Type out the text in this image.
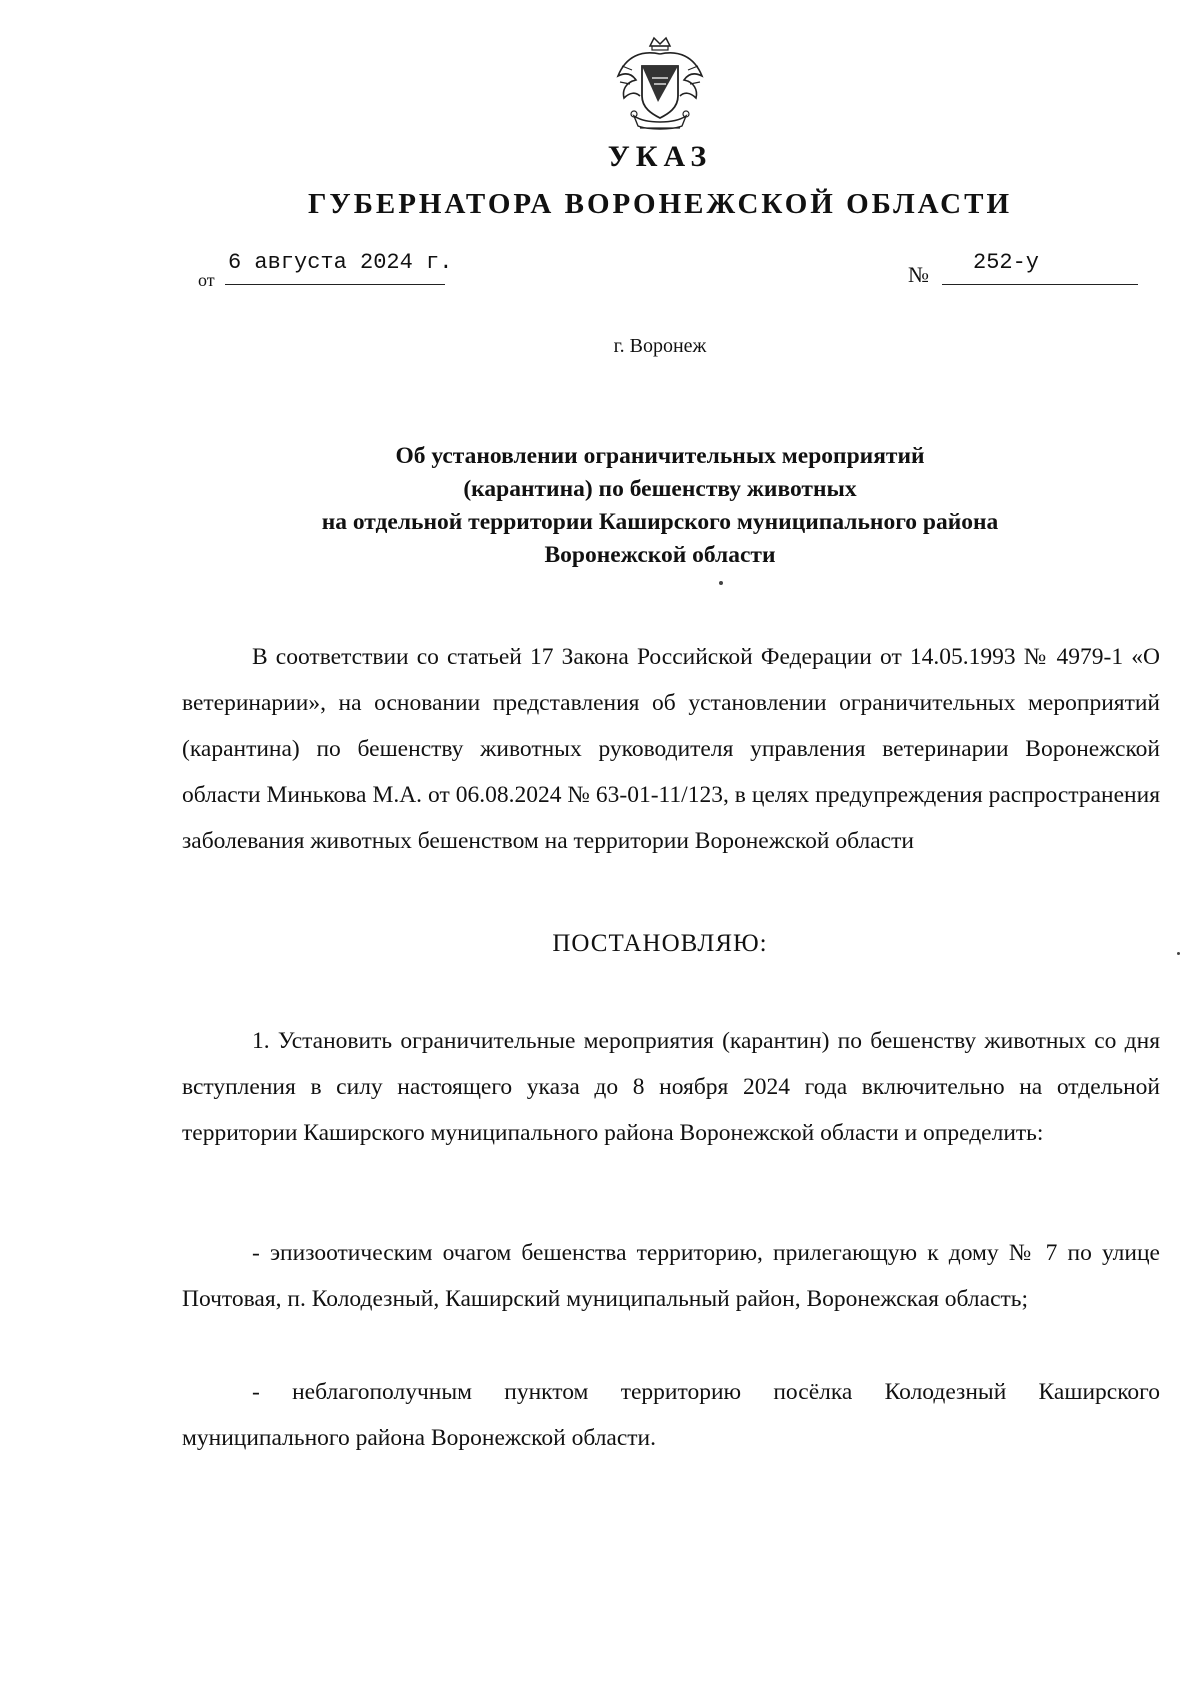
УКАЗ
ГУБЕРНАТОРА ВОРОНЕЖСКОЙ ОБЛАСТИ
от
6 августа 2024 г.	№ 252-у
г. Воронеж
Об установлении ограничительных мероприятий
(карантина) по бешенству животных
на отдельной территории Каширского муниципального района
Воронежской области
В соответствии со статьей 17 Закона Российской Федерации от 14.05.1993 № 4979-1 «О ветеринарии», на основании представления об установлении ограничительных мероприятий (карантина) по бешенству животных руководителя управления ветеринарии Воронежской области Минькова М.А. от 06.08.2024 № 63-01-11/123, в целях предупреждения распространения заболевания животных бешенством на территории Воронежской области
ПОСТАНОВЛЯЮ:
1. Установить ограничительные мероприятия (карантин) по бешенству животных со дня вступления в силу настоящего указа до 8 ноября 2024 года включительно на отдельной территории Каширского муниципального района Воронежской области и определить:
- эпизоотическим очагом бешенства территорию, прилегающую к дому № 7 по улице Почтовая, п. Колодезный, Каширский муниципальный район, Воронежская область;
- неблагополучным пунктом территорию посёлка Колодезный Каширского муниципального района Воронежской области.
